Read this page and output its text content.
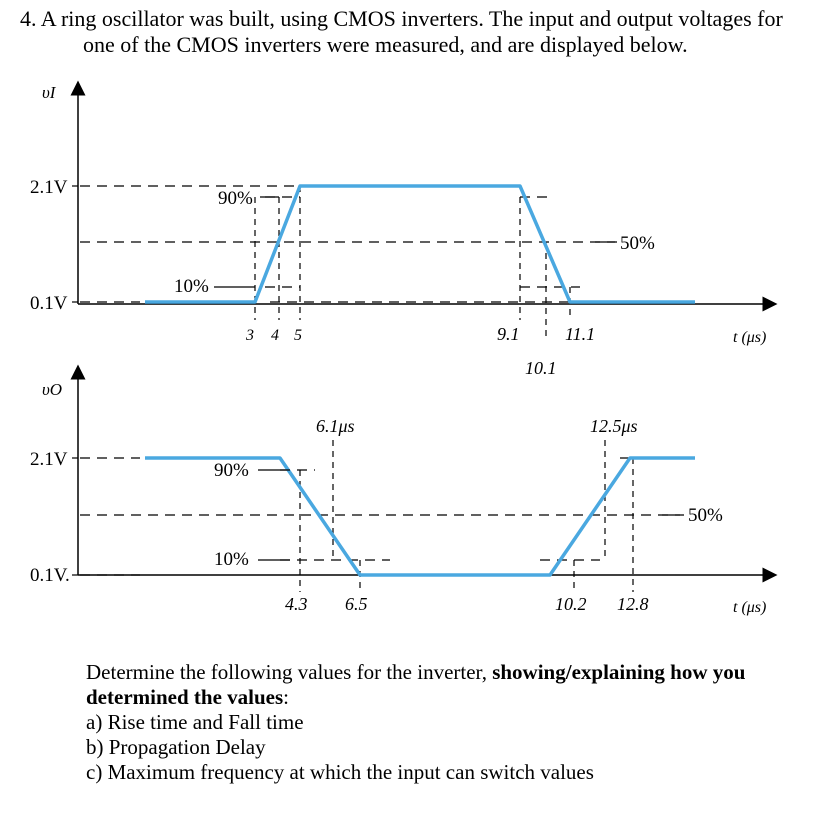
4. A ring oscillator was built, using CMOS inverters. The input and output voltages for
one of the CMOS inverters were measured, and are displayed below.
υI
2.1V
0.1V
90%
10%
50%
3 4 5	9.1
10.1
11.1	t (μs)
υO
2.1V
0.1V.
90%
10%
50%
6.1μs	12.5μs
4.3 6.5	10.2 12.8	t (μs)
Determine the following values for the inverter, showing/explaining how you determined the values:
a) Rise time and Fall time
b) Propagation Delay
c) Maximum frequency at which the input can switch values
